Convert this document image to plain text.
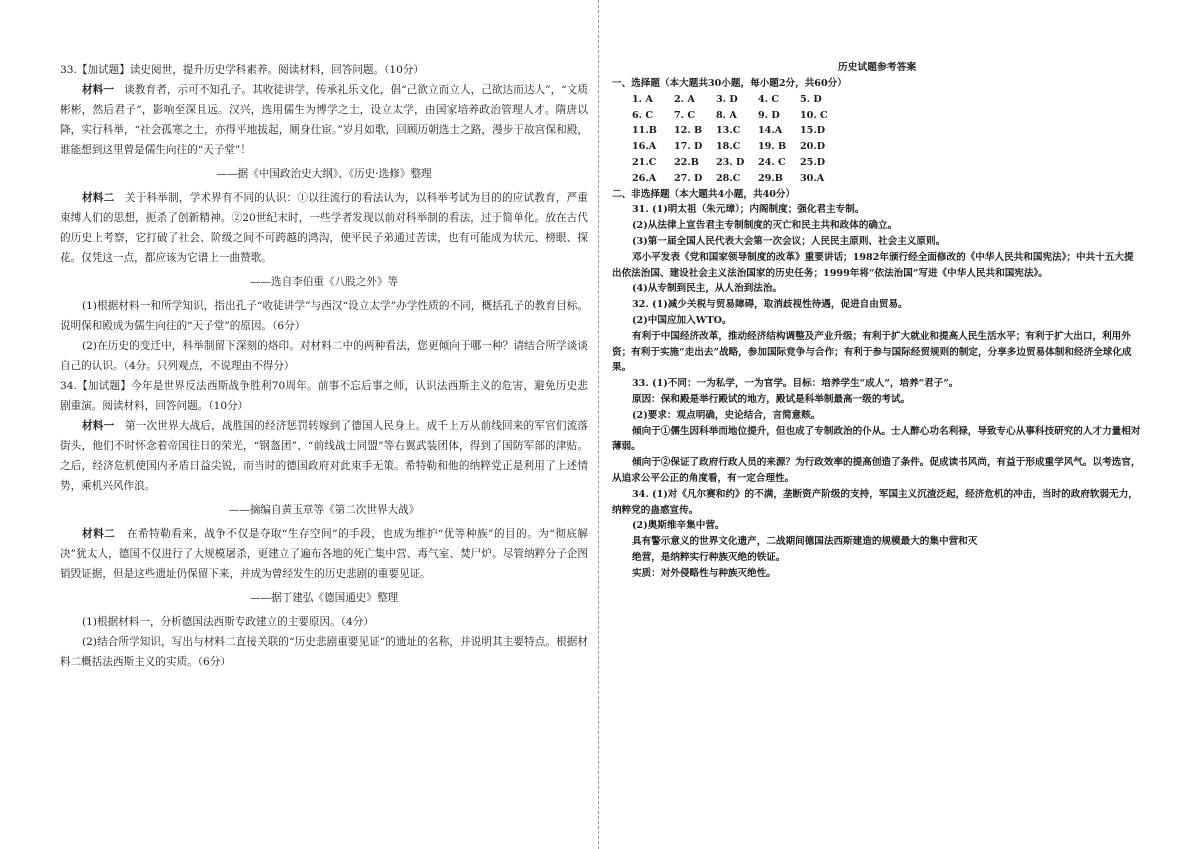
33.【加试题】读史阅世，提升历史学科素养。阅读材料，回答问题。（10分）

材料一 谈教育者，示可不知孔子。其收徒讲学，传承礼乐文化，倡“己欲立而立人，己欲达而达人”，“文质彬彬，然后君子”，影响至深且远。汉兴，选用儒生为博学之士，设立太学，由国家培养政治管理人才。隋唐以降，实行科举，“社会孤寒之士，亦得平地拔起，厕身仕宦。”岁月如歌，回顾历朝选士之路，漫步于故宫保和殿，谁能想到这里曾是儒生向往的“天子堂”！

——据《中国政治史大纲》、《历史·选修》整理

材料二 关于科举制，学术界有不同的认识：①以往流行的看法认为，以科举考试为目的的应试教育，严重束缚人们的思想，扼杀了创新精神。②20世纪末时，一些学者发现以前对科举制的看法，过于简单化。放在古代的历史上考察，它打破了社会、阶级之间不可跨越的鸿沟，使平民子弟通过苦读，也有可能成为状元、榜眼、探花。仅凭这一点，都应该为它谱上一曲赞歌。

——选自李伯重《八股之外》等

(1)根据材料一和所学知识，指出孔子“收徒讲学”与西汉“设立太学”办学性质的不同，概括孔子的教育目标。说明保和殿成为儒生向往的“天子堂”的原因。（6分）

(2)在历史的变迁中，科举制留下深刻的烙印。对材料二中的两种看法，您更倾向于哪一种？请结合所学谈谈自己的认识。（4分。只列观点，不说理由不得分）

34.【加试题】今年是世界反法西斯战争胜利70周年。前事不忘后事之师，认识法西斯主义的危害，避免历史悲剧重演。阅读材料，回答问题。（10分）

材料一 第一次世界大战后，战胜国的经济惩罚转嫁到了德国人民身上。成千上万从前线回来的军官们流落街头，他们不时怀念着帝国往日的荣光，“钢盔团”、“前线战士同盟”等右翼武装团体，得到了国防军部的津贴。之后，经济危机使国内矛盾日益尖锐，而当时的德国政府对此束手无策。希特勒和他的纳粹党正是利用了上述情势，乘机兴风作浪。

——摘编自黄玉章等《第二次世界大战》

材料二 在希特勒看来，战争不仅是夺取“生存空间”的手段，也成为维护“优等种族”的目的。为“彻底解决”犹太人，德国不仅进行了大规模屠杀，更建立了遍布各地的死亡集中营、毒气室、焚尸炉。尽管纳粹分子企图销毁证据，但是这些遗址仍保留下来，并成为曾经发生的历史悲剧的重要见证。

——据丁建弘《德国通史》整理

(1)根据材料一，分析德国法西斯专政建立的主要原因。（4分）

(2)结合所学知识，写出与材料二直接关联的“历史悲剧重要见证”的遗址的名称，并说明其主要特点。根据材料二概括法西斯主义的实质。（6分）

历史试题参考答案

一、选择题（本大题共30小题，每小题2分，共60分）

1. A	2. A	3. D	4. C	5. D
6. C	7. C	8. A	9. D	10. C
11.B	12. B	13.C	14.A	15.D
16.A	17. D	18.C	19. B	20.D
21.C	22.B	23. D	24. C	25.D
26.A	27. D	28.C	29.B	30.A

二、非选择题（本大题共4小题，共40分）

31. (1)明太祖（朱元璋）；内阁制度；强化君主专制。

(2)从法律上宣告君主专制制度的灭亡和民主共和政体的确立。

(3)第一届全国人民代表大会第一次会议；人民民主原则、社会主义原则。

邓小平发表《党和国家领导制度的改革》重要讲话；1982年颁行经全面修改的《中华人民共和国宪法》；中共十五大提出依法治国、建设社会主义法治国家的历史任务；1999年将“依法治国”写进《中华人民共和国宪法》。

(4)从专制到民主，从人治到法治。

32. (1)减少关税与贸易障碍，取消歧视性待遇，促进自由贸易。

(2)中国应加入WTO。

有利于中国经济改革，推动经济结构调整及产业升级；有利于扩大就业和提高人民生活水平；有利于扩大出口，利用外资；有利于实施“走出去”战略，参加国际竞争与合作；有利于参与国际经贸规则的制定，分享多边贸易体制和经济全球化成果。

33. (1)不同：一为私学，一为官学。目标：培养学生“成人”，培养“君子”。

原因：保和殿是举行殿试的地方，殿试是科举制最高一级的考试。

(2)要求：观点明确，史论结合，言简意赅。

倾向于①儒生因科举而地位提升，但也成了专制政治的仆从。士人醉心功名利禄，导致专心从事科技研究的人才力量相对薄弱。

倾向于②保证了政府行政人员的来源？为行政效率的提高创造了条件。促成读书风尚，有益于形成重学风气。以考选官，从追求公平公正的角度看，有一定合理性。

34. (1)对《凡尔赛和约》的不满，垄断资产阶级的支持，军国主义沉渣泛起，经济危机的冲击，当时的政府软弱无力，纳粹党的蛊惑宣传。

(2)奥斯维辛集中营。

具有警示意义的世界文化遗产，二战期间德国法西斯建造的规模最大的集中营和灭

绝营，是纳粹实行种族灭绝的铁证。

实质：对外侵略性与种族灭绝性。
